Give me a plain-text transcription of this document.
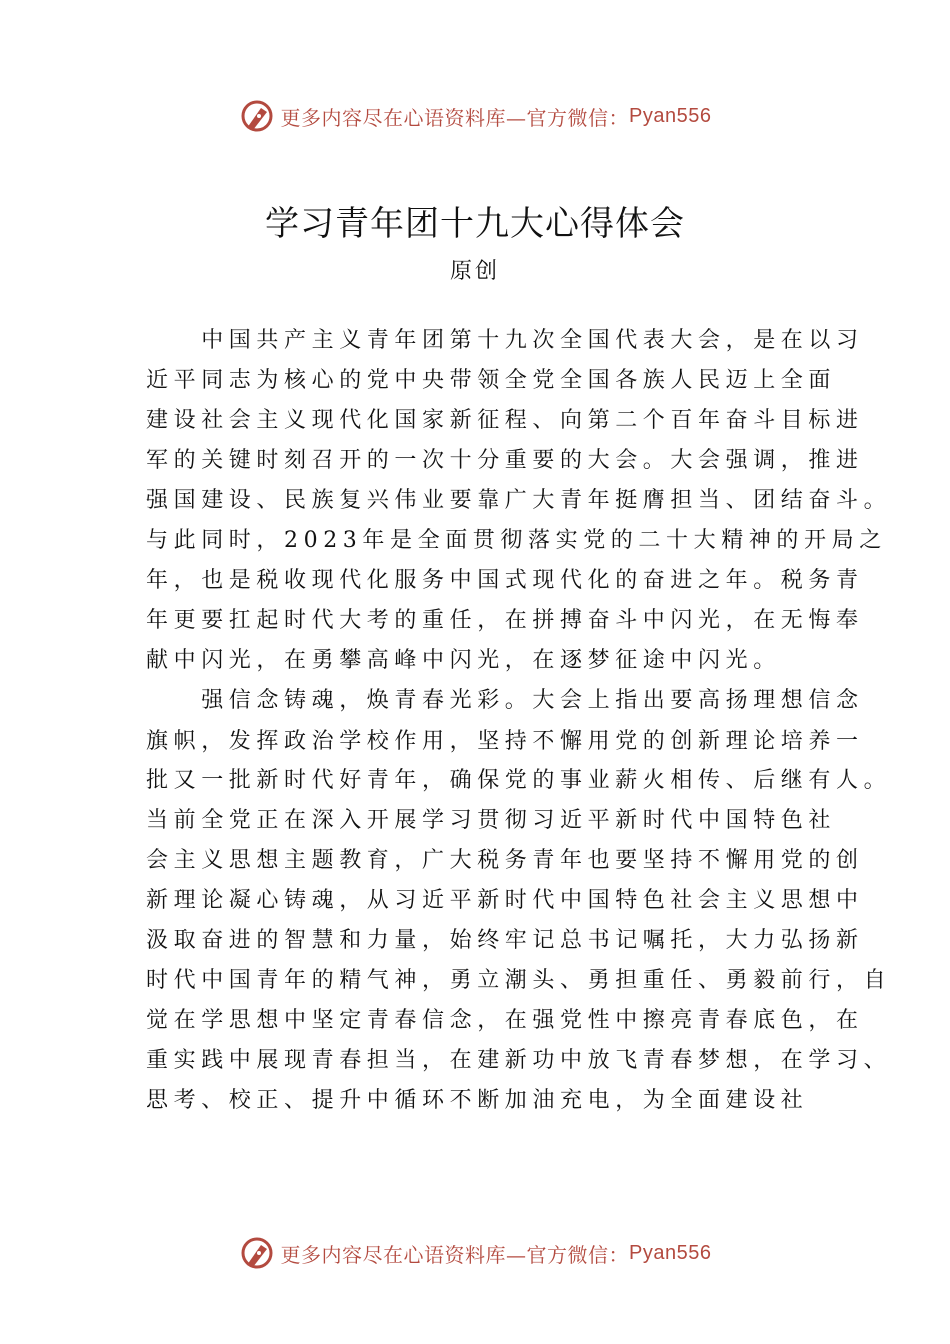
更多内容尽在心语资料库—官方微信： Pyan556
学习青年团十九大心得体会
原创
　　中国共产主义青年团第十九次全国代表大会，是在以习
近平同志为核心的党中央带领全党全国各族人民迈上全面
建设社会主义现代化国家新征程、向第二个百年奋斗目标进
军的关键时刻召开的一次十分重要的大会。大会强调，推进
强国建设、民族复兴伟业要靠广大青年挺膺担当、团结奋斗。
与此同时，2023年是全面贯彻落实党的二十大精神的开局之
年，也是税收现代化服务中国式现代化的奋进之年。税务青
年更要扛起时代大考的重任，在拼搏奋斗中闪光，在无悔奉
献中闪光，在勇攀高峰中闪光，在逐梦征途中闪光。
　　强信念铸魂，焕青春光彩。大会上指出要高扬理想信念
旗帜，发挥政治学校作用，坚持不懈用党的创新理论培养一
批又一批新时代好青年，确保党的事业薪火相传、后继有人。
当前全党正在深入开展学习贯彻习近平新时代中国特色社
会主义思想主题教育，广大税务青年也要坚持不懈用党的创
新理论凝心铸魂，从习近平新时代中国特色社会主义思想中
汲取奋进的智慧和力量，始终牢记总书记嘱托，大力弘扬新
时代中国青年的精气神，勇立潮头、勇担重任、勇毅前行，自
觉在学思想中坚定青春信念，在强党性中擦亮青春底色，在
重实践中展现青春担当，在建新功中放飞青春梦想，在学习、
思考、校正、提升中循环不断加油充电，为全面建设社
更多内容尽在心语资料库—官方微信： Pyan556
